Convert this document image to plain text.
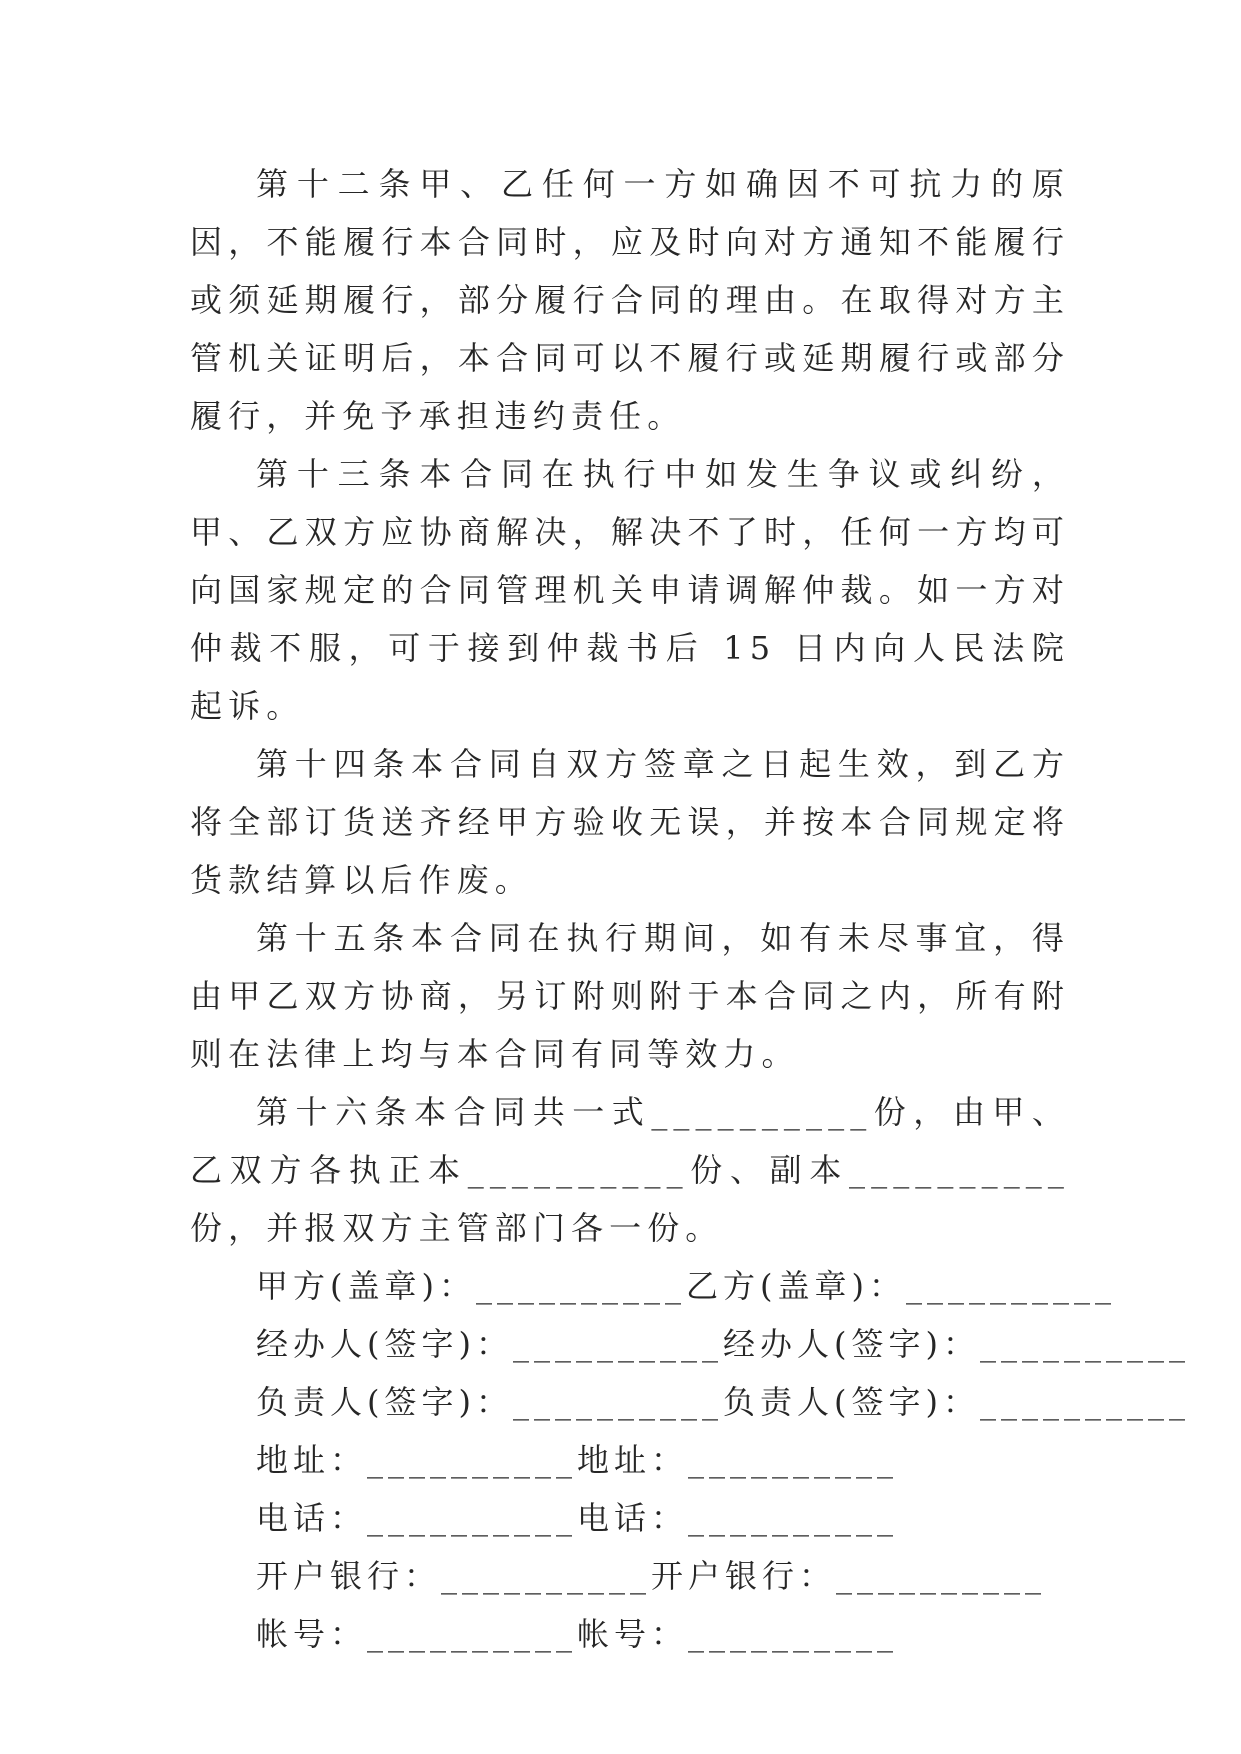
第十二条甲、乙任何一方如确因不可抗力的原因，不能履行本合同时，应及时向对方通知不能履行或须延期履行，部分履行合同的理由。在取得对方主管机关证明后，本合同可以不履行或延期履行或部分履行，并免予承担违约责任。

第十三条本合同在执行中如发生争议或纠纷，甲、乙双方应协商解决，解决不了时，任何一方均可向国家规定的合同管理机关申请调解仲裁。如一方对仲裁不服，可于接到仲裁书后 15 日内向人民法院起诉。

第十四条本合同自双方签章之日起生效，到乙方将全部订货送齐经甲方验收无误，并按本合同规定将货款结算以后作废。

第十五条本合同在执行期间，如有未尽事宜，得由甲乙双方协商，另订附则附于本合同之内，所有附则在法律上均与本合同有同等效力。

第十六条本合同共一式__________份，由甲、乙双方各执正本__________份、副本__________份，并报双方主管部门各一份。

甲方(盖章)：__________乙方(盖章)：__________

经办人(签字)：__________经办人(签字)：__________

负责人(签字)：__________负责人(签字)：__________

地址：__________地址：__________

电话：__________电话：__________

开户银行：__________开户银行：__________

帐号：__________帐号：__________
